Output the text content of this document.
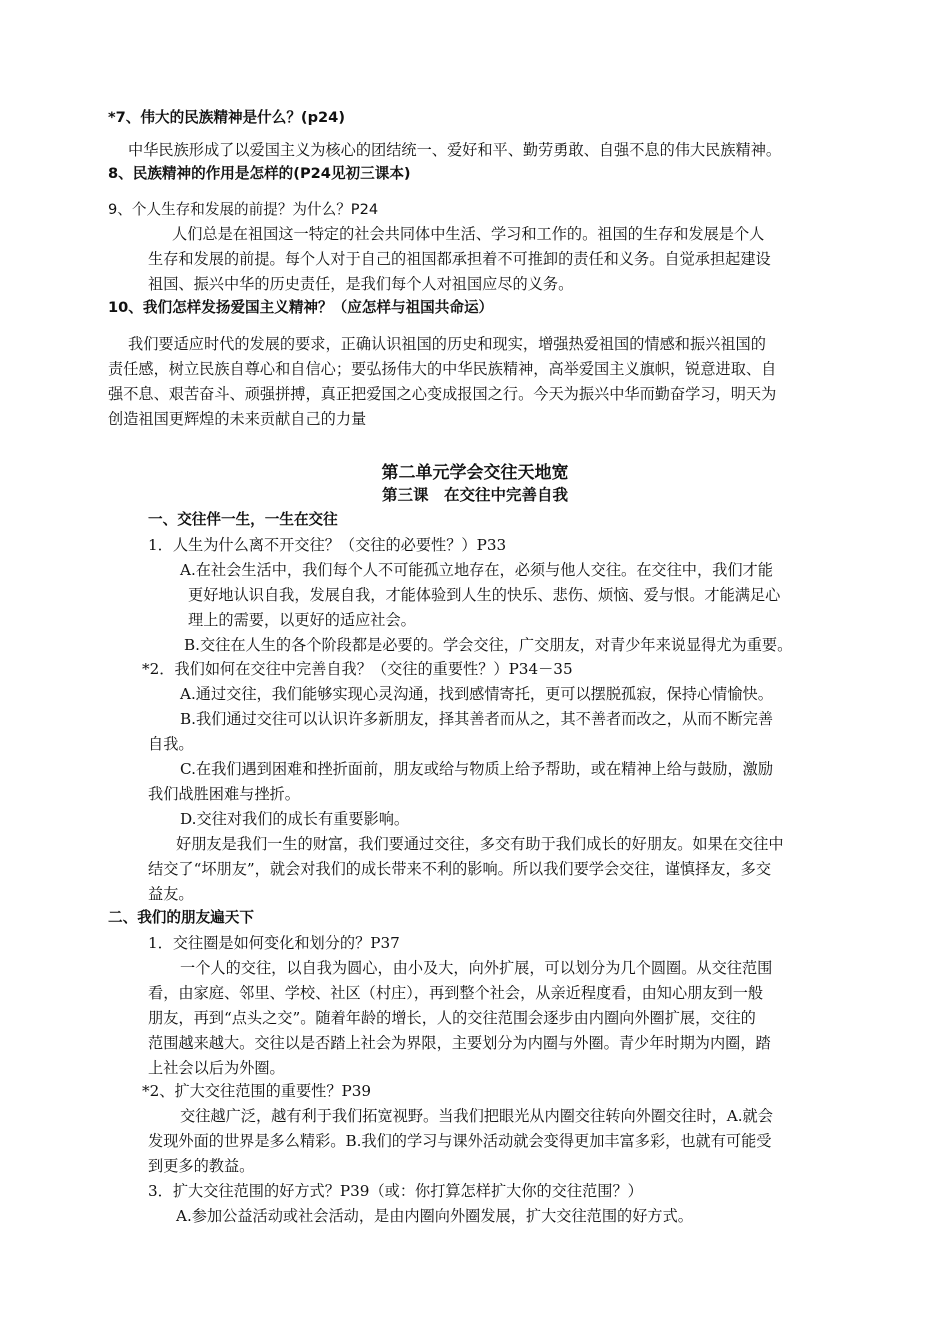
*7、伟大的民族精神是什么？(p24)
中华民族形成了以爱国主义为核心的团结统一、爱好和平、勤劳勇敢、自强不息的伟大民族精神。
8、民族精神的作用是怎样的(P24见初三课本)
9、个人生存和发展的前提？为什么？P24
人们总是在祖国这一特定的社会共同体中生活、学习和工作的。祖国的生存和发展是个人
生存和发展的前提。每个人对于自己的祖国都承担着不可推卸的责任和义务。自觉承担起建设
祖国、振兴中华的历史责任，是我们每个人对祖国应尽的义务。
10、我们怎样发扬爱国主义精神？（应怎样与祖国共命运）
我们要适应时代的发展的要求，正确认识祖国的历史和现实，增强热爱祖国的情感和振兴祖国的
责任感，树立民族自尊心和自信心；要弘扬伟大的中华民族精神，高举爱国主义旗帜，锐意进取、自
强不息、艰苦奋斗、顽强拼搏，真正把爱国之心变成报国之行。今天为振兴中华而勤奋学习，明天为
创造祖国更辉煌的未来贡献自己的力量
第二单元学会交往天地宽
第三课　在交往中完善自我
一、交往伴一生，一生在交往
1．人生为什么离不开交往？（交往的必要性？）P33
A.在社会生活中，我们每个人不可能孤立地存在，必须与他人交往。在交往中，我们才能
更好地认识自我，发展自我，才能体验到人生的快乐、悲伤、烦恼、爱与恨。才能满足心
理上的需要，以更好的适应社会。
B.交往在人生的各个阶段都是必要的。学会交往，广交朋友，对青少年来说显得尤为重要。
*2．我们如何在交往中完善自我？（交往的重要性？）P34－35
A.通过交往，我们能够实现心灵沟通，找到感情寄托，更可以摆脱孤寂，保持心情愉快。
B.我们通过交往可以认识许多新朋友，择其善者而从之，其不善者而改之，从而不断完善
自我。
C.在我们遇到困难和挫折面前，朋友或给与物质上给予帮助，或在精神上给与鼓励，激励
我们战胜困难与挫折。
D.交往对我们的成长有重要影响。
好朋友是我们一生的财富，我们要通过交往，多交有助于我们成长的好朋友。如果在交往中
结交了“坏朋友”，就会对我们的成长带来不利的影响。所以我们要学会交往，谨慎择友，多交
益友。
二、我们的朋友遍天下
1．交往圈是如何变化和划分的？P37
一个人的交往，以自我为圆心，由小及大，向外扩展，可以划分为几个圆圈。从交往范围
看，由家庭、邻里、学校、社区（村庄），再到整个社会，从亲近程度看，由知心朋友到一般
朋友，再到“点头之交”。随着年龄的增长，人的交往范围会逐步由内圈向外圈扩展，交往的
范围越来越大。交往以是否踏上社会为界限，主要划分为内圈与外圈。青少年时期为内圈，踏
上社会以后为外圈。
*2、扩大交往范围的重要性？P39
交往越广泛，越有利于我们拓宽视野。当我们把眼光从内圈交往转向外圈交往时，A.就会
发现外面的世界是多么精彩。B.我们的学习与课外活动就会变得更加丰富多彩，也就有可能受
到更多的教益。
3．扩大交往范围的好方式？P39（或：你打算怎样扩大你的交往范围？）
A.参加公益活动或社会活动，是由内圈向外圈发展，扩大交往范围的好方式。
